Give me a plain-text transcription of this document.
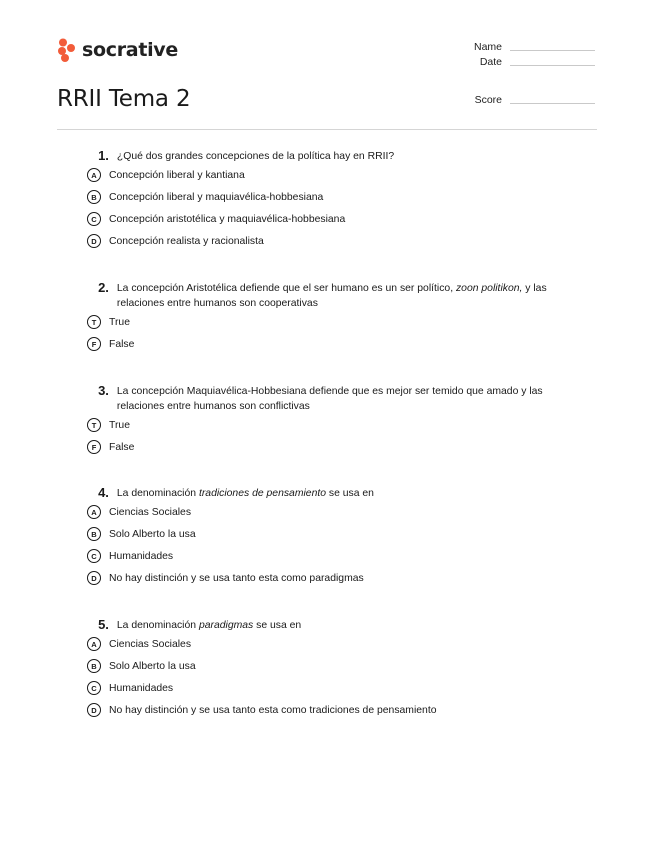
socrative	Name
Date
Score
RRII Tema 2
1. ¿Qué dos grandes concepciones de la política hay en RRII?
A	Concepción liberal y kantiana
B	Concepción liberal y maquiavélica-hobbesiana
C	Concepción aristotélica y maquiavélica-hobbesiana
D	Concepción realista y racionalista
2. La concepción Aristotélica defiende que el ser humano es un ser político, zoon politikon, y las relaciones entre humanos son cooperativas
T	True
F	False
3. La concepción Maquiavélica-Hobbesiana defiende que es mejor ser temido que amado y las relaciones entre humanos son conflictivas
T	True
F	False
4. La denominación tradiciones de pensamiento se usa en
A	Ciencias Sociales
B	Solo Alberto la usa
C	Humanidades
D	No hay distinción y se usa tanto esta como paradigmas
5. La denominación paradigmas se usa en
A	Ciencias Sociales
B	Solo Alberto la usa
C	Humanidades
D	No hay distinción y se usa tanto esta como tradiciones de pensamiento
